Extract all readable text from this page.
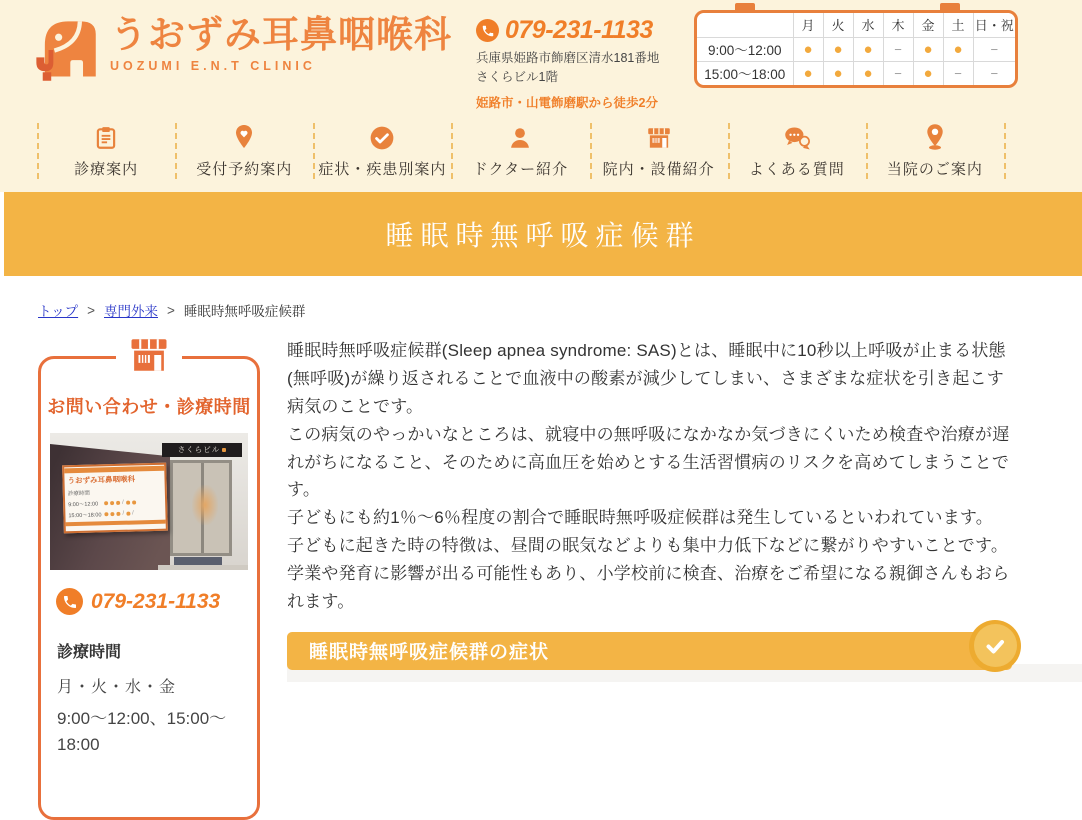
うおずみ耳鼻咽喉科
UOZUMI E.N.T CLINIC
079-231-1133
兵庫県姫路市飾磨区清水181番地
さくらビル1階
姫路市・山電飾磨駅から徒歩2分
	月	火	水	木	金	土	日・祝
9:00〜12:00	●	●	●	−	●	●	−
15:00〜18:00	●	●	●	−	●	−	−
診療案内	受付予約案内 症状・疾患別案内 ドクター紹介 院内・設備紹介 よくある質問	当院のご案内
睡眠時無呼吸症候群
トップ > 専門外来 > 睡眠時無呼吸症候群
お問い合わせ・診療時間
さくらビル
うおずみ耳鼻咽喉科
診療時間
9:00〜12:00	/
15:00〜18:00	/ /
079-231-1133
診療時間
月・火・水・金
9:00〜12:00、15:00〜18:00

睡眠時無呼吸症候群(Sleep apnea syndrome: SAS)とは、睡眠中に10秒以上呼吸が止まる状態(無呼吸)が繰り返されることで血液中の酸素が減少してしまい、さまざまな症状を引き起こす病気のことです。

この病気のやっかいなところは、就寝中の無呼吸になかなか気づきにくいため検査や治療が遅れがちになること、そのために高血圧を始めとする生活習慣病のリスクを高めてしまうことです。

子どもにも約1％〜6％程度の割合で睡眠時無呼吸症候群は発生しているといわれています。

子どもに起きた時の特徴は、昼間の眠気などよりも集中力低下などに繋がりやすいことです。

学業や発育に影響が出る可能性もあり、小学校前に検査、治療をご希望になる親御さんもおられます。

睡眠時無呼吸症候群の症状
